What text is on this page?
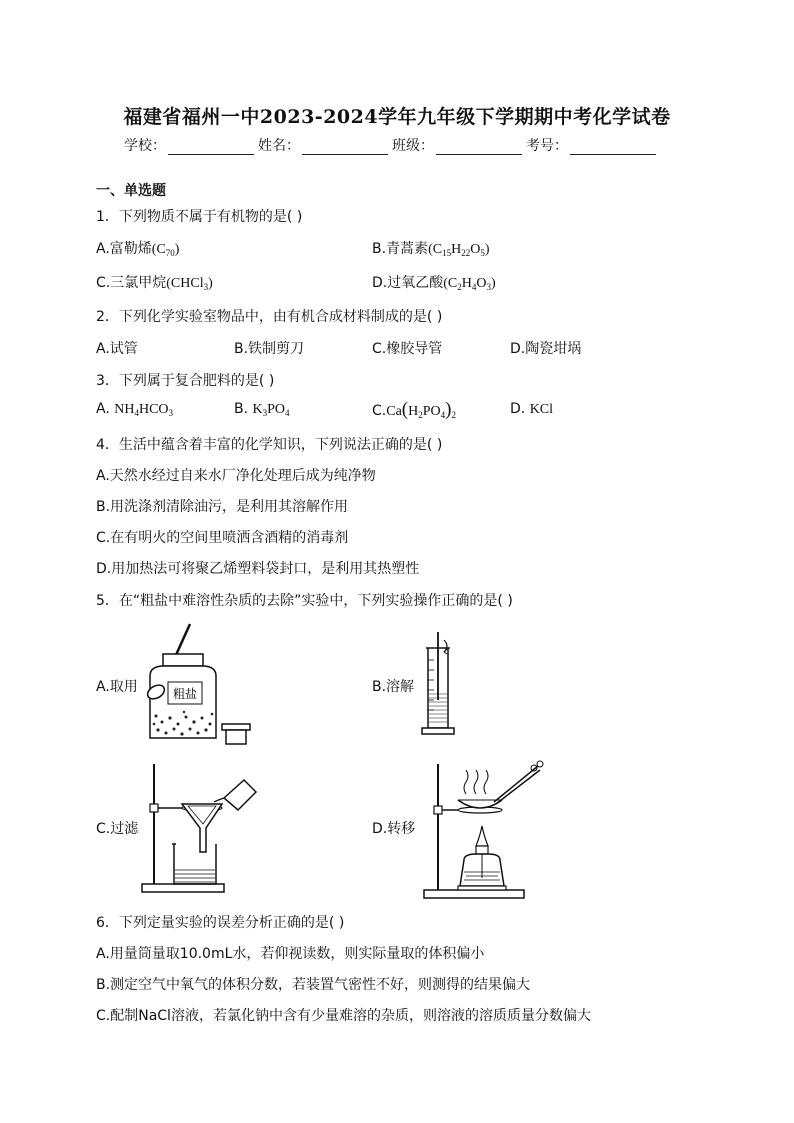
福建省福州一中2023-2024学年九年级下学期期中考化学试卷
学校：	姓名：	班级：	考号：
一、单选题
1．下列物质不属于有机物的是( )
A.富勒烯$(C_{70})$	B.青蒿素$(C_{15}H_{22}O_5)$
C.三氯甲烷(CHCl$_3$)	D.过氧乙酸$(C_2H_4O_3)$
2．下列化学实验室物品中，由有机合成材料制成的是( )
A.试管	B.铁制剪刀	C.橡胶导管	D.陶瓷坩埚
3．下列属于复合肥料的是( )
A. $NH_4HCO_3$	B. $K_3PO_4$	$C.Ca(H_2PO_4)_2$	D. KCl
4．生活中蕴含着丰富的化学知识，下列说法正确的是( )
A.天然水经过自来水厂净化处理后成为纯净物
B.用洗涤剂清除油污，是利用其溶解作用
C.在有明火的空间里喷洒含酒精的消毒剂
D.用加热法可将聚乙烯塑料袋封口，是利用其热塑性
5．在“粗盐中难溶性杂质的去除”实验中，下列实验操作正确的是( )
A.取用	粗盐	B.溶解
C.过滤	D.转移
6．下列定量实验的误差分析正确的是( )
A.用量筒量取10.0mL水，若仰视读数，则实际量取的体积偏小
B.测定空气中氧气的体积分数，若装置气密性不好，则测得的结果偏大
C.配制NaCl溶液，若氯化钠中含有少量难溶的杂质，则溶液的溶质质量分数偏大
